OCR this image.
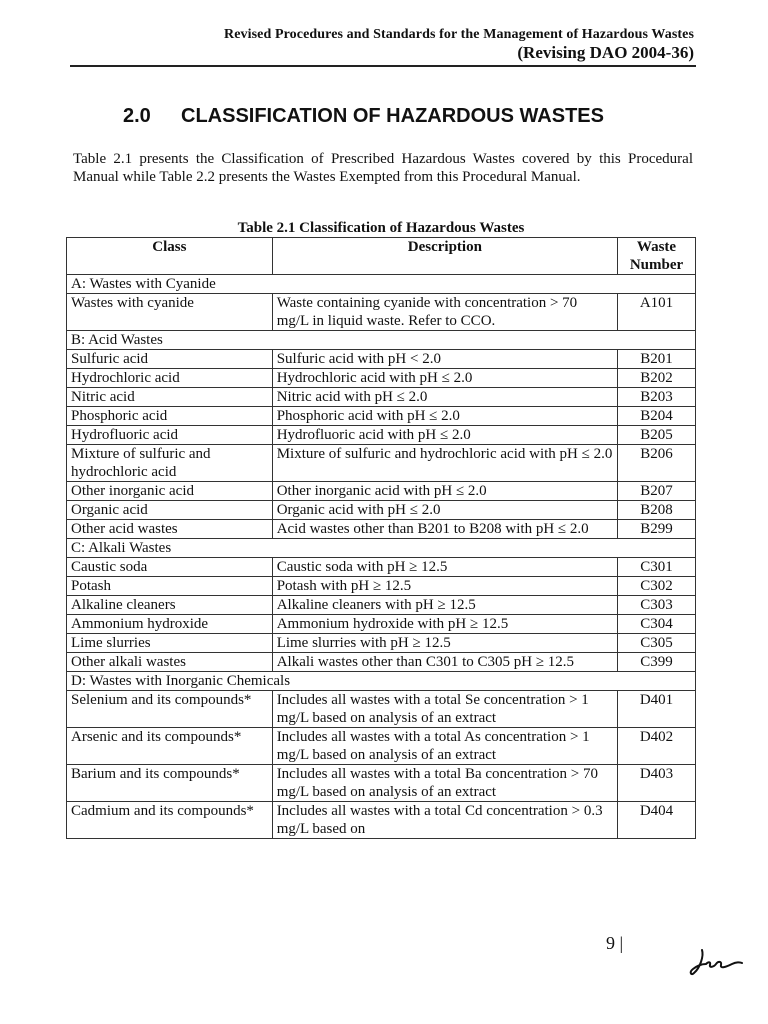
Revised Procedures and Standards for the Management of Hazardous Wastes
(Revising DAO 2004-36)
2.0 CLASSIFICATION OF HAZARDOUS WASTES
Table 2.1 presents the Classification of Prescribed Hazardous Wastes covered by this Procedural Manual while Table 2.2 presents the Wastes Exempted from this Procedural Manual.
Table 2.1 Classification of Hazardous Wastes
Class	Description	Waste Number
A: Wastes with Cyanide		
Wastes with cyanide	Waste containing cyanide with concentration > 70 mg/L in liquid waste. Refer to CCO.	A101
B: Acid Wastes		
Sulfuric acid	Sulfuric acid with pH < 2.0	B201
Hydrochloric acid	Hydrochloric acid with pH ≤ 2.0	B202
Nitric acid	Nitric acid with pH ≤ 2.0	B203
Phosphoric acid	Phosphoric acid with pH ≤ 2.0	B204
Hydrofluoric acid	Hydrofluoric acid with pH ≤ 2.0	B205
Mixture of sulfuric and hydrochloric acid	Mixture of sulfuric and hydrochloric acid with pH ≤ 2.0	B206
Other inorganic acid	Other inorganic acid with pH ≤ 2.0	B207
Organic acid	Organic acid with pH ≤ 2.0	B208
Other acid wastes	Acid wastes other than B201 to B208 with pH ≤ 2.0	B299
C: Alkali Wastes		
Caustic soda	Caustic soda with pH ≥ 12.5	C301
Potash	Potash with pH ≥ 12.5	C302
Alkaline cleaners	Alkaline cleaners with pH ≥ 12.5	C303
Ammonium hydroxide	Ammonium hydroxide with pH ≥ 12.5	C304
Lime slurries	Lime slurries with pH ≥ 12.5	C305
Other alkali wastes	Alkali wastes other than C301 to C305 pH ≥ 12.5	C399
D: Wastes with Inorganic Chemicals		
Selenium and its compounds*	Includes all wastes with a total Se concentration > 1 mg/L based on analysis of an extract	D401
Arsenic and its compounds*	Includes all wastes with a total As concentration > 1 mg/L based on analysis of an extract	D402
Barium and its compounds*	Includes all wastes with a total Ba concentration > 70 mg/L based on analysis of an extract	D403
Cadmium and its compounds*	Includes all wastes with a total Cd concentration > 0.3 mg/L based on	D404
9 |
